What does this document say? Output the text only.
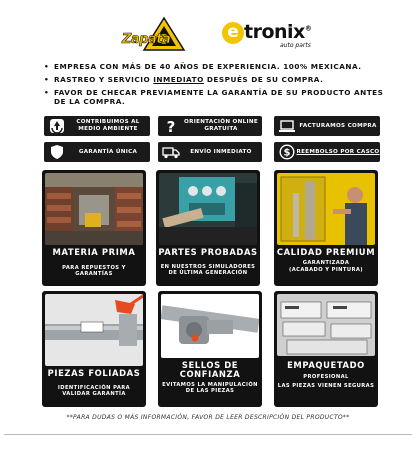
Zapata	e tronix®
auto parts
• EMPRESA CON MÁS DE 40 AÑOS DE EXPERIENCIA. 100% MEXICANA.
• RASTREO Y SERVICIO INMEDIATO DESPUÉS DE SU COMPRA.
• FAVOR DE CHECAR PREVIAMENTE LA GARANTÍA DE SU PRODUCTO ANTES DE LA COMPRA.
CONTRIBUIMOS AL MEDIO AMBIENTE	?	ORIENTACIÓN ONLINE GRATUITA
FACTURAMOS COMPRA
GARANTÍA ÚNICA	ENVÍO INMEDIATO	$ REEMBOLSO POR CASCO
MATERIA PRIMA
PARA REPUESTOS Y GARANTÍAS
PARTES PROBADAS
EN NUESTROS SIMULADORES DE ÚLTIMA GENERACIÓN
CALIDAD PREMIUM
GARANTIZADA
(ACABADO Y PINTURA)
PIEZAS FOLIADAS
IDENTIFICACIÓN PARA VALIDAR GARANTÍA
SELLOS DE CONFIANZA
EVITAMOS LA MANIPULACIÓN DE LAS PIEZAS
EMPAQUETADO
PROFESIONAL
LAS PIEZAS VIENEN SEGURAS
**PARA DUDAS O MÁS INFORMACIÓN, FAVOR DE LEER DESCRIPCIÓN DEL PRODUCTO**
